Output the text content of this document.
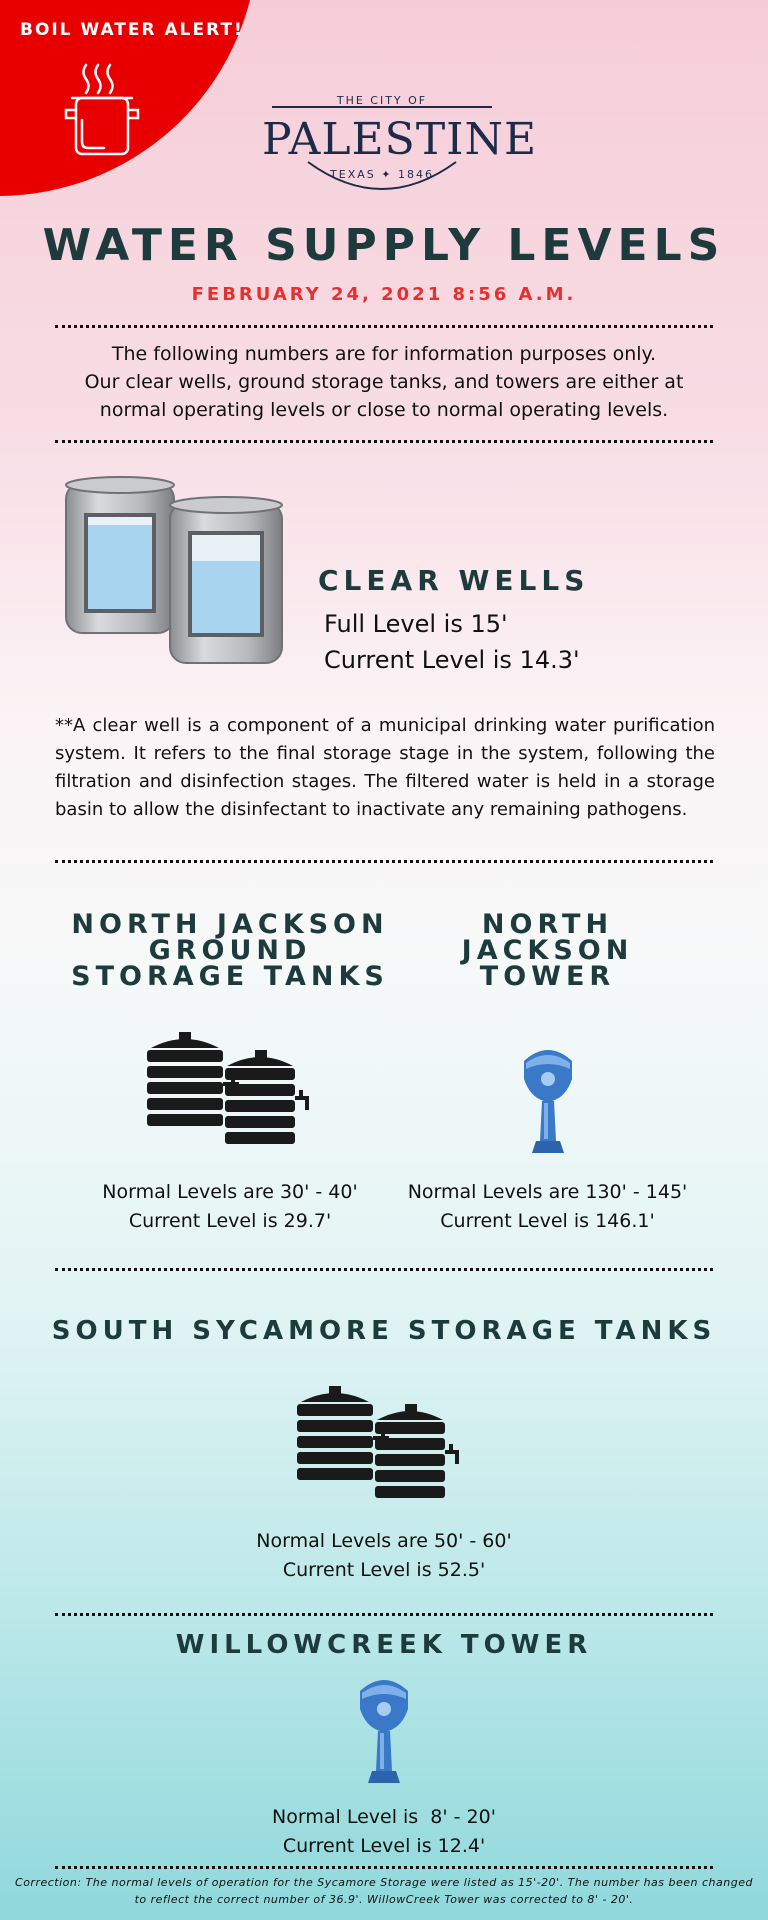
BOIL WATER ALERT!
THE CITY OF
PALESTINE
TEXAS ✦ 1846
WATER SUPPLY LEVELS
FEBRUARY 24, 2021 8:56 A.M.
The following numbers are for information purposes only.
Our clear wells, ground storage tanks, and towers are either at normal operating levels or close to normal operating levels.
CLEAR WELLS
Full Level is 15'
Current Level is 14.3'
**A clear well is a component of a municipal drinking water purification system. It refers to the final storage stage in the system, following the filtration and disinfection stages. The filtered water is held in a storage basin to allow the disinfectant to inactivate any remaining pathogens.
NORTH JACKSON
GROUND
STORAGE TANKS
Normal Levels are 30' - 40'
Current Level is 29.7'
NORTH
JACKSON
TOWER
Normal Levels are 130' - 145'
Current Level is 146.1'
SOUTH SYCAMORE STORAGE TANKS
Normal Levels are 50' - 60'
Current Level is 52.5'
WILLOWCREEK TOWER
Normal Level is  8' - 20'
Current Level is 12.4'
Correction: The normal levels of operation for the Sycamore Storage were listed as 15'-20'. The number has been changed to reflect the correct number of 36.9'. WillowCreek Tower was corrected to 8' - 20'.
